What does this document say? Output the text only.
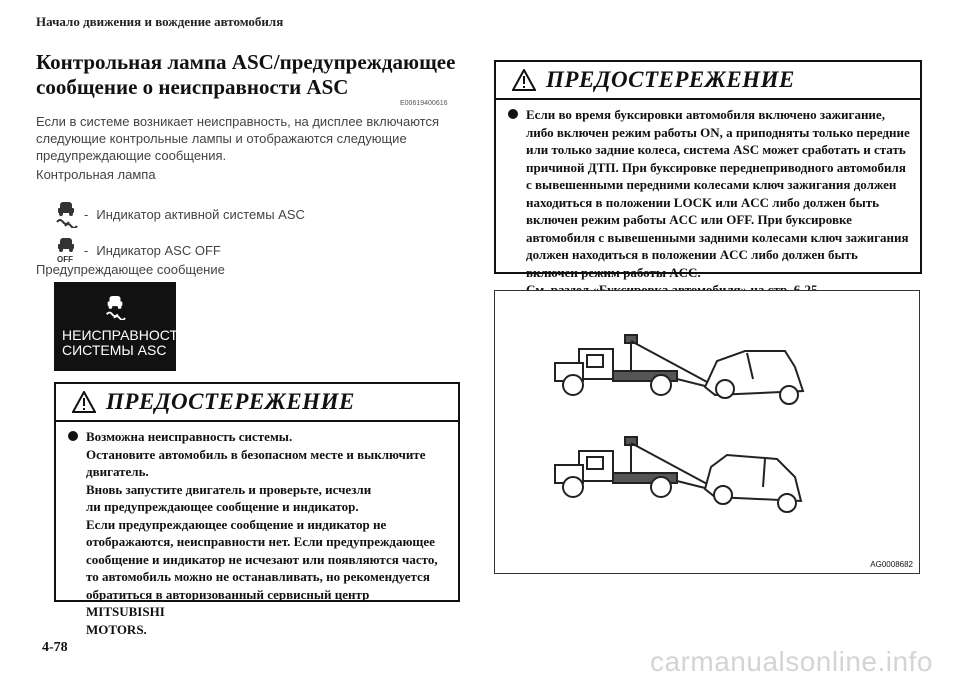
Начало движения и вождение автомобиля
Контрольная лампа ASC/предупреждающее
сообщение о неисправности ASC
E00619400616
Если в системе возникает неисправность, на дисплее включаются
следующие контрольные лампы и отображаются следующие
предупреждающие сообщения.
Контрольная лампа
- Индикатор активной системы ASC
OFF
- Индикатор ASC OFF
Предупреждающее сообщение
НЕИСПРАВНОСТЬ
СИСТЕМЫ ASC
ПРЕДОСТЕРЕЖЕНИЕ
Возможна неисправность системы.
Остановите автомобиль в безопасном месте и выключите
двигатель.
Вновь запустите двигатель и проверьте, исчезли
ли предупреждающее сообщение и индикатор.
Если предупреждающее сообщение и индикатор не
отображаются, неисправности нет. Если предупреждающее
сообщение и индикатор не исчезают или появляются часто,
то автомобиль можно не останавливать, но рекомендуется
обратиться в авторизованный сервисный центр MITSUBISHI
MOTORS.
ПРЕДОСТЕРЕЖЕНИЕ
Если во время буксировки автомобиля включено зажигание,
либо включен режим работы ON, а приподняты только передние
или только задние колеса, система ASC может сработать и стать
причиной ДТП. При буксировке переднеприводного автомобиля
с вывешенными передними колесами ключ зажигания должен
находиться в положении LOCK или ACC либо должен быть
включен режим работы ACC или OFF. При буксировке
автомобиля с вывешенными задними колесами ключ зажигания
должен находиться в положении ACC либо должен быть
включен режим работы ACC.
AG0008682
4-78	carmanualsonline.info
